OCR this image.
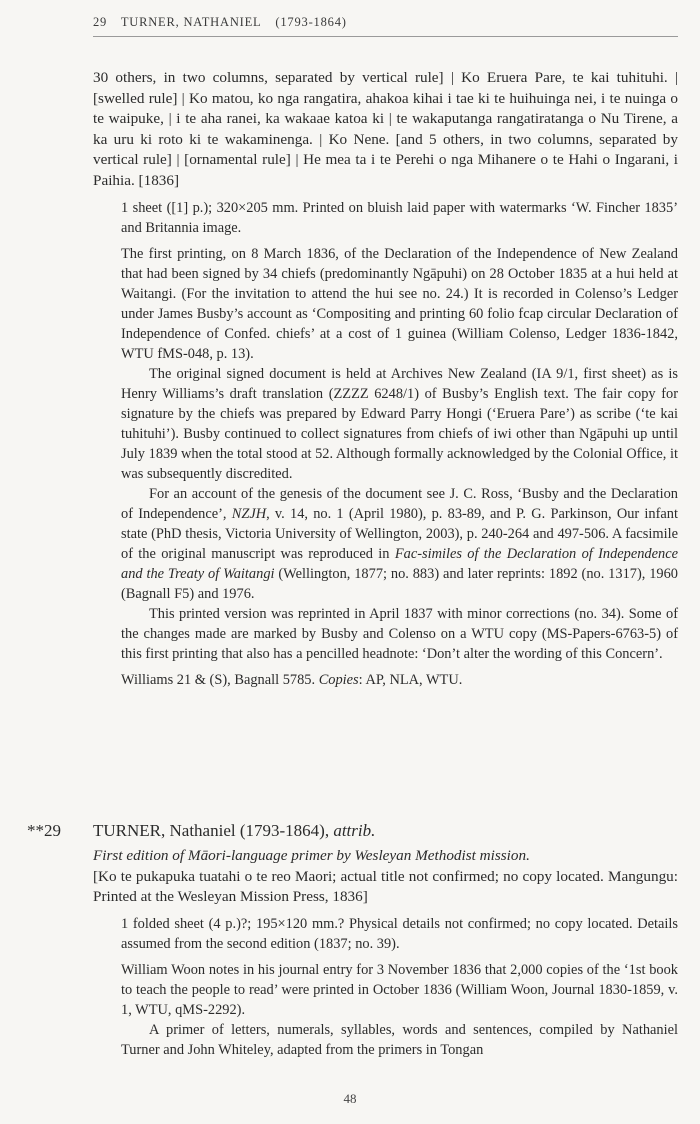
29 TURNER, NATHANIEL (1793-1864)

30 others, in two columns, separated by vertical rule] | Ko Eruera Pare, te kai tuhituhi. | [swelled rule] | Ko matou, ko nga rangatira, ahakoa kihai i tae ki te huihuinga nei, i te nuinga o te waipuke, | i te aha ranei, ka wakaae katoa ki | te wakaputanga rangatiratanga o Nu Tirene, a ka uru ki roto ki te wakaminenga. | Ko Nene. [and 5 others, in two columns, separated by vertical rule] | [ornamental rule] | He mea ta i te Perehi o nga Mihanere o te Hahi o Ingarani, i Paihia. [1836]

1 sheet ([1] p.); 320×205 mm. Printed on bluish laid paper with watermarks ‘W. Fincher 1835’ and Britannia image.

The first printing, on 8 March 1836, of the Declaration of the Independence of New Zealand that had been signed by 34 chiefs (predominantly Ngāpuhi) on 28 October 1835 at a hui held at Waitangi. (For the invitation to attend the hui see no. 24.) It is recorded in Colenso’s Ledger under James Busby’s account as ‘Compositing and printing 60 folio fcap circular Declaration of Independence of Confed. chiefs’ at a cost of 1 guinea (William Colenso, Ledger 1836-1842, WTU fMS-048, p. 13).

The original signed document is held at Archives New Zealand (IA 9/1, first sheet) as is Henry Williams’s draft translation (ZZZZ 6248/1) of Busby’s English text. The fair copy for signature by the chiefs was prepared by Edward Parry Hongi (‘Eruera Pare’) as scribe (‘te kai tuhituhi’). Busby continued to collect signatures from chiefs of iwi other than Ngāpuhi up until July 1839 when the total stood at 52. Although formally acknowledged by the Colonial Office, it was subsequently discredited.

For an account of the genesis of the document see J. C. Ross, ‘Busby and the Declaration of Independence’, NZJH, v. 14, no. 1 (April 1980), p. 83-89, and P. G. Parkinson, Our infant state (PhD thesis, Victoria University of Wellington, 2003), p. 240-264 and 497-506. A facsimile of the original manuscript was reproduced in Fac-similes of the Declaration of Independence and the Treaty of Waitangi (Wellington, 1877; no. 883) and later reprints: 1892 (no. 1317), 1960 (Bagnall F5) and 1976.

This printed version was reprinted in April 1837 with minor corrections (no. 34). Some of the changes made are marked by Busby and Colenso on a WTU copy (MS-Papers-6763-5) of this first printing that also has a pencilled headnote: ‘Don’t alter the wording of this Concern’.

Williams 21 & (S), Bagnall 5785. Copies: AP, NLA, WTU.

**29 TURNER, Nathaniel (1793-1864), attrib.

First edition of Māori-language primer by Wesleyan Methodist mission.

[Ko te pukapuka tuatahi o te reo Maori; actual title not confirmed; no copy located. Mangungu: Printed at the Wesleyan Mission Press, 1836]

1 folded sheet (4 p.)?; 195×120 mm.? Physical details not confirmed; no copy located. Details assumed from the second edition (1837; no. 39).

William Woon notes in his journal entry for 3 November 1836 that 2,000 copies of the ‘1st book to teach the people to read’ were printed in October 1836 (William Woon, Journal 1830-1859, v. 1, WTU, qMS-2292).

A primer of letters, numerals, syllables, words and sentences, compiled by Nathaniel Turner and John Whiteley, adapted from the primers in Tongan

48
